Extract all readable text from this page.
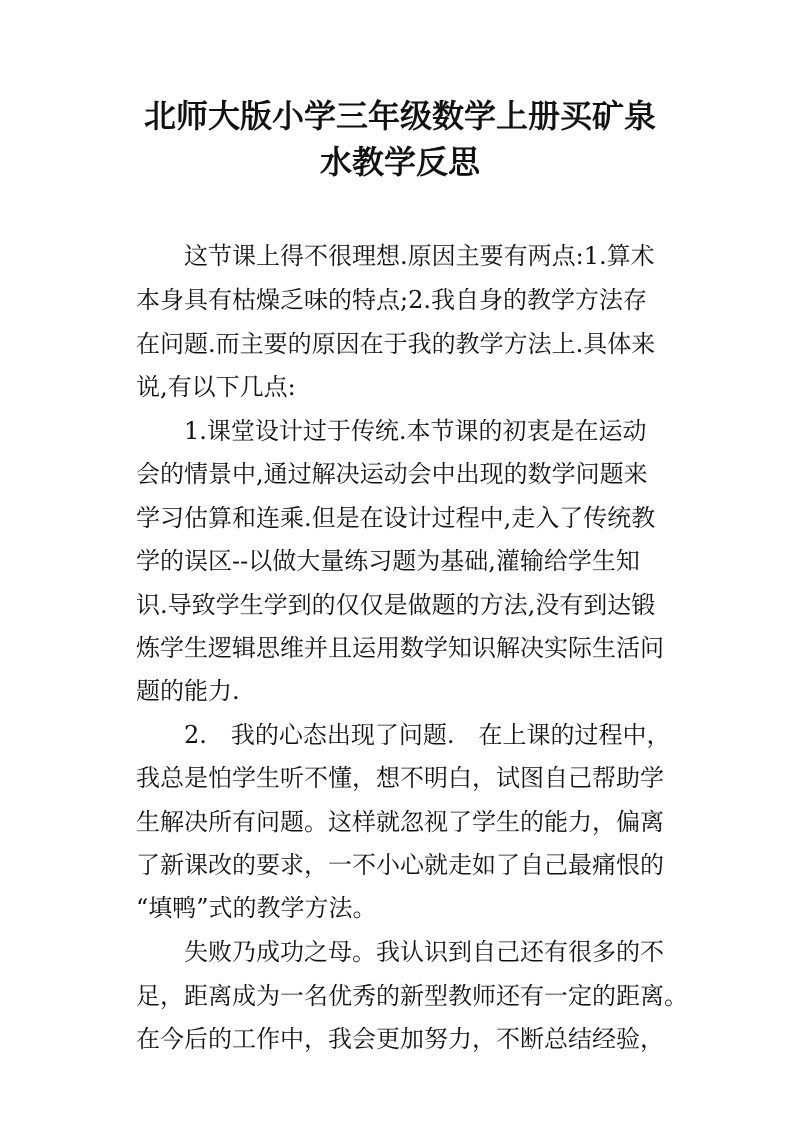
北师大版小学三年级数学上册买矿泉
水教学反思

　　这节课上得不很理想.原因主要有两点:1.算术

本身具有枯燥乏味的特点;2.我自身的教学方法存

在问题.而主要的原因在于我的教学方法上.具体来

说,有以下几点:

　　1.课堂设计过于传统.本节课的初衷是在运动

会的情景中,通过解决运动会中出现的数学问题来

学习估算和连乘.但是在设计过程中,走入了传统教

学的误区--以做大量练习题为基础,灌输给学生知

识.导致学生学到的仅仅是做题的方法,没有到达锻

炼学生逻辑思维并且运用数学知识解决实际生活问

题的能力.

　　2.　我的心态出现了问题.　在上课的过程中，

我总是怕学生听不懂，想不明白，试图自己帮助学

生解决所有问题。这样就忽视了学生的能力，偏离

了新课改的要求，一不小心就走如了自己最痛恨的

“填鸭”式的教学方法。

　　失败乃成功之母。我认识到自己还有很多的不

足，距离成为一名优秀的新型教师还有一定的距离。

在今后的工作中，我会更加努力，不断总结经验，
